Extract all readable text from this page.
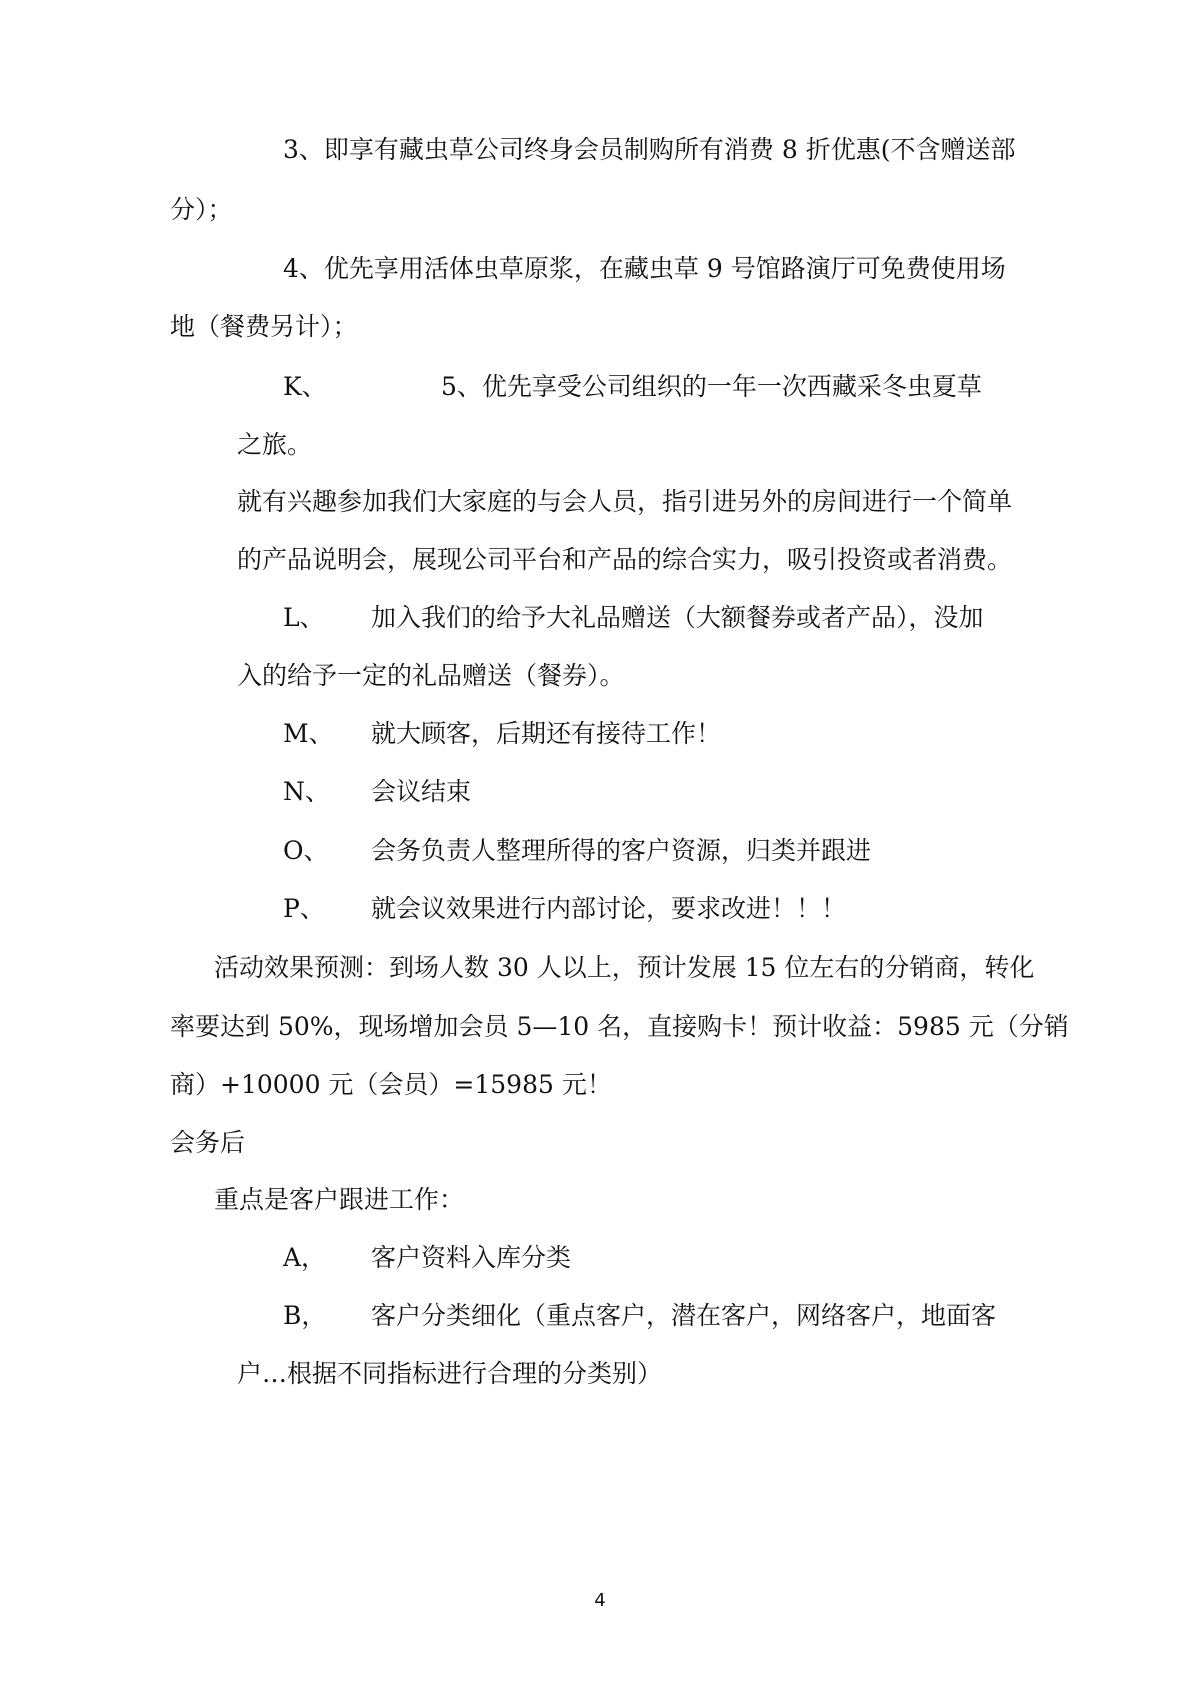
3、即享有藏虫草公司终身会员制购所有消费 8 折优惠(不含赠送部
分）；
4、优先享用活体虫草原浆，在藏虫草 9 号馆路演厅可免费使用场
地（餐费另计）；
K、	5、优先享受公司组织的一年一次西藏采冬虫夏草
之旅。
就有兴趣参加我们大家庭的与会人员，指引进另外的房间进行一个简单
的产品说明会，展现公司平台和产品的综合实力，吸引投资或者消费。
L、 加入我们的给予大礼品赠送（大额餐券或者产品），没加
入的给予一定的礼品赠送（餐券）。
M、 就大顾客，后期还有接待工作！
N、 会议结束
O、 会务负责人整理所得的客户资源，归类并跟进
P、 就会议效果进行内部讨论，要求改进！！！
活动效果预测：到场人数 30 人以上，预计发展 15 位左右的分销商，转化
率要达到 50%，现场增加会员 5—10 名，直接购卡！预计收益：5985 元（分销
商）+10000 元（会员）=15985 元！
会务后
重点是客户跟进工作：
A， 客户资料入库分类
B， 客户分类细化（重点客户，潜在客户，网络客户，地面客
户…根据不同指标进行合理的分类别）
4
